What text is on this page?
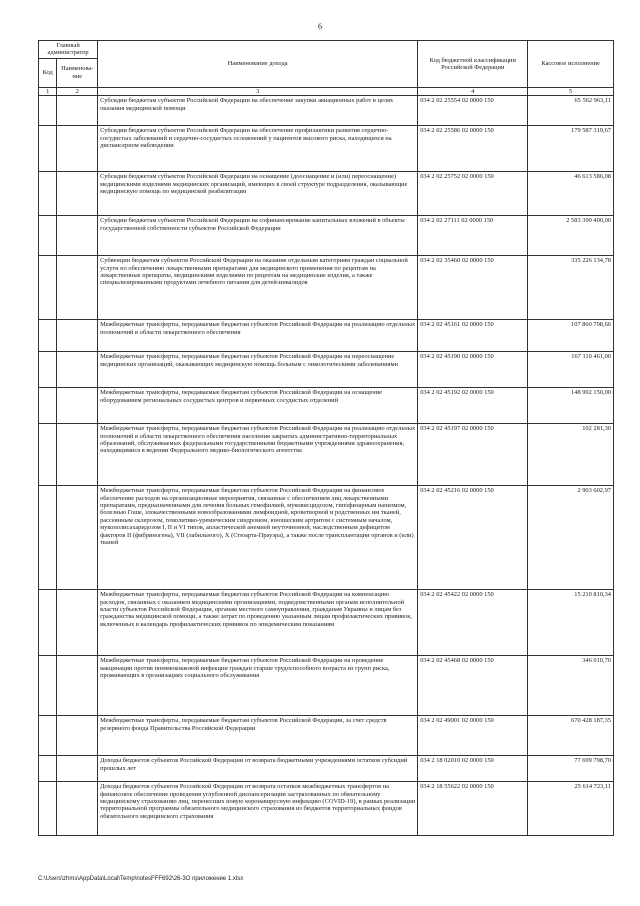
6
Главный администратор		Наименование дохода	Код бюджетной классификации Российской Федерации	Кассовое исполнение
Код	Наименова-ние			
1	2	3	4	5
		Субсидии бюджетам субъектов Российской Федерации на обеспечение закупки авиационных работ в целях оказания медицинской помощи	034 2 02 25554 02 0000 150	65 562 963,11
		Субсидии бюджетам субъектов Российской Федерации на обеспечение профилактики развития сердечно-сосудистых заболеваний и сердечно-сосудистых осложнений у пациентов высокого риска, находящихся на диспансерном наблюдении	034 2 02 25586 02 0000 150	179 587 319,67
		Субсидии бюджетам субъектов Российской Федерации на оснащение (дооснащение и (или) переоснащение) медицинскими изделиями медицинских организаций, имеющих в своей структуре подразделения, оказывающие медицинскую помощь по медицинской реабилитации	034 2 02 25752 02 0000 150	46 613 586,08
		Субсидии бюджетам субъектов Российской Федерации на софинансирование капитальных вложений в объекты государственной собственности субъектов Российской Федерации	034 2 02 27111 02 0000 150	2 583 399 400,00
		Субвенции бюджетам субъектов Российской Федерации на оказание отдельным категориям граждан социальной услуги по обеспечению лекарственными препаратами для медицинского применения по рецептам на лекарственные препараты, медицинскими изделиями по рецептам на медицинские изделия, а также специализированными продуктами лечебного питания для детей-инвалидов	034 2 02 35460 02 0000 150	335 226 134,78
		Межбюджетные трансферты, передаваемые бюджетам субъектов Российской Федерации на реализацию отдельных полномочий в области лекарственного обеспечения	034 2 02 45161 02 0000 150	107 860 798,66
		Межбюджетные трансферты, передаваемые бюджетам субъектов Российской Федерации на переоснащение медицинских организаций, оказывающих медицинскую помощь больным с онкологическими заболеваниями	034 2 02 45190 02 0000 150	167 110 461,00
		Межбюджетные трансферты, передаваемые бюджетам субъектов Российской Федерации на оснащение оборудованием региональных сосудистых центров и первичных сосудистых отделений	034 2 02 45192 02 0000 150	148 992 150,00
		Межбюджетные трансферты, передаваемые бюджетам субъектов Российской Федерации на реализацию отдельных полномочий в области лекарственного обеспечения населения закрытых административно-территориальных образований, обслуживаемых федеральными государственными бюджетными учреждениями здравоохранения, находящимися в ведении Федерального медико-биологического агентства	034 2 02 45197 02 0000 150	102 281,30
		Межбюджетные трансферты, передаваемые бюджетам субъектов Российской Федерации на финансовое обеспечение расходов на организационные мероприятия, связанные с обеспечением лиц лекарственными препаратами, предназначенными для лечения больных гемофилией, муковисцидозом, гипофизарным нанизмом, болезнью Гоше, злокачественными новообразованиями лимфоидной, кроветворной и родственных им тканей, рассеянным склерозом, гемолитико-уремическим синдромом, юношеским артритом с системным началом, мукополисахаридозом I, II и VI типов, апластической анемией неуточненной, наследственным дефицитом факторов II (фибриногена), VII (лабильного), X (Стюарта-Прауэра), а также после трансплантации органов и (или) тканей	034 2 02 45216 02 0000 150	2 903 602,97
		Межбюджетные трансферты, передаваемые бюджетам субъектов Российской Федерации на компенсацию расходов, связанных с оказанием медицинскими организациями, подведомственными органам исполнительной власти субъектов Российской Федерации, органам местного самоуправления, гражданам Украины и лицам без гражданства медицинской помощи, а также затрат по проведению указанным лицам профилактических прививок, включенных в календарь профилактических прививок по эпидемическим показаниям	034 2 02 45422 02 0000 150	15 210 810,34
		Межбюджетные трансферты, передаваемые бюджетам субъектов Российской Федерации на проведение вакцинации против пневмококковой инфекции граждан старше трудоспособного возраста из групп риска, проживающих в организациях социального обслуживания	034 2 02 45468 02 0000 150	346 010,70
		Межбюджетные трансферты, передаваемые бюджетам субъектов Российской Федерации, за счет средств резервного фонда Правительства Российской Федерации	034 2 02 49001 02 0000 150	670 428 187,35
		Доходы бюджетов субъектов Российской Федерации от возврата бюджетными учреждениями остатков субсидий прошлых лет	034 2 18 02010 02 0000 150	77 699 798,70
		Доходы бюджетов субъектов Российской Федерации от возврата остатков межбюджетных трансфертов на финансовое обеспечение проведения углубленной диспансеризации застрахованных по обязательному медицинскому страхованию лиц, перенесших новую коронавирусную инфекцию (COVID-19), в рамках реализации территориальной программы обязательного медицинского страхования из бюджетов территориальных фондов обязательного медицинского страхования	034 2 18 55622 02 0000 150	25 614 723,11
C:\Users\zhms\AppData\Local\Temp\notesFFF692\26-3O приложение 1.xlsx
